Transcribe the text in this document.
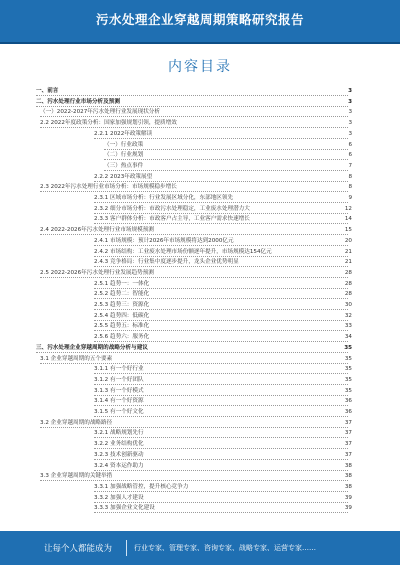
污水处理企业穿越周期策略研究报告
内容目录
一、前言	3
二、污水处理行业市场分析及预测	3
（一）2022-2027年污水处理行业发展现状分析	3
2.2 2022年度政策分析：国家加强规划引领，提质增效	3
2.2.1 2022年政策解读	3
（一）行业政策	6
（二）行业规划	6
（三）热点事件	7
2.2.2 2023年政策展望	8
2.3 2022年污水处理行业市场分析：市场规模稳步增长	8
2.3.1 区域市场分析：行业发展区域分化，东部地区领先	9
2.3.2 细分市场分析：市政污水处理稳定，工业废水处理潜力大	12
2.3.3 客户群体分析：市政客户占主导，工业客户需求快速增长	14
2.4 2022-2026年污水处理行业市场规模预测	15
2.4.1 市场规模：预计2026年市场规模将达到2000亿元	20
2.4.2 市场结构：工业废水处理市场份额逐年提升，市场规模达154亿元	21
2.4.3 竞争格局：行业集中度逐步提升，龙头企业优势明显	21
2.5 2022-2026年污水处理行业发展趋势预测	28
2.5.1 趋势一：一体化	28
2.5.2 趋势二：智能化	28
2.5.3 趋势三：资源化	30
2.5.4 趋势四：低碳化	32
2.5.5 趋势五：标准化	33
2.5.6 趋势六：服务化	34
三、污水处理企业穿越周期的战略分析与建议	35
3.1 企业穿越周期的五个要素	35
3.1.1 有一个好行业	35
3.1.2 有一个好团队	35
3.1.3 有一个好模式	35
3.1.4 有一个好资源	36
3.1.5 有一个好文化	36
3.2 企业穿越周期的战略路径	37
3.2.1 战略规划先行	37
3.2.2 业务结构优化	37
3.2.3 技术创新驱动	37
3.2.4 资本运作助力	38
3.3 企业穿越周期的关键举措	38
3.3.1 加强战略管控，提升核心竞争力	38
3.3.2 加强人才建设	39
3.3.3 加强企业文化建设	39
让每个人都能成为	行业专家、管理专家、咨询专家、战略专家、运营专家……
